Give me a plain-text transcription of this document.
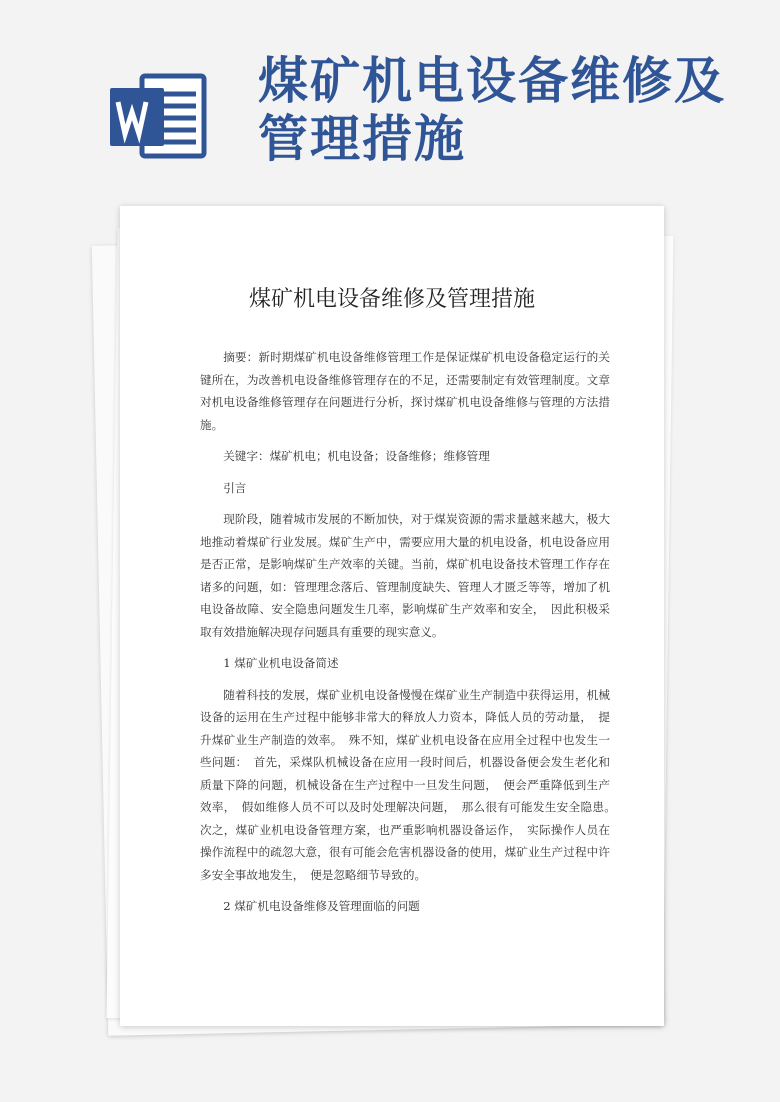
煤矿机电设备维修及管理措施
煤矿机电设备维修及管理措施

摘要：新时期煤矿机电设备维修管理工作是保证煤矿机电设备稳定运行的关键所在，为改善机电设备维修管理存在的不足，还需要制定有效管理制度。文章对机电设备维修管理存在问题进行分析，探讨煤矿机电设备维修与管理的方法措施。

关键字：煤矿机电；机电设备；设备维修；维修管理

引言

现阶段，随着城市发展的不断加快，对于煤炭资源的需求量越来越大，极大地推动着煤矿行业发展。煤矿生产中，需要应用大量的机电设备，机电设备应用是否正常，是影响煤矿生产效率的关键。当前，煤矿机电设备技术管理工作存在诸多的问题，如：管理理念落后、管理制度缺失、管理人才匮乏等等，增加了机电设备故障、安全隐患问题发生几率，影响煤矿生产效率和安全，　因此积极采取有效措施解决现存问题具有重要的现实意义。

1 煤矿业机电设备简述

随着科技的发展，煤矿业机电设备慢慢在煤矿业生产制造中获得运用，机械设备的运用在生产过程中能够非常大的释放人力资本，降低人员的劳动量，　提升煤矿业生产制造的效率。　殊不知，煤矿业机电设备在应用全过程中也发生一些问题：　首先，采煤队机械设备在应用一段时间后，机器设备便会发生老化和质量下降的问题，机械设备在生产过程中一旦发生问题，　便会严重降低到生产效率，　假如维修人员不可以及时处理解决问题，　那么很有可能发生安全隐患。　次之，煤矿业机电设备管理方案，也严重影响机器设备运作，　实际操作人员在操作流程中的疏忽大意，很有可能会危害机器设备的使用，煤矿业生产过程中许多安全事故地发生，　便是忽略细节导致的。

2 煤矿机电设备维修及管理面临的问题
